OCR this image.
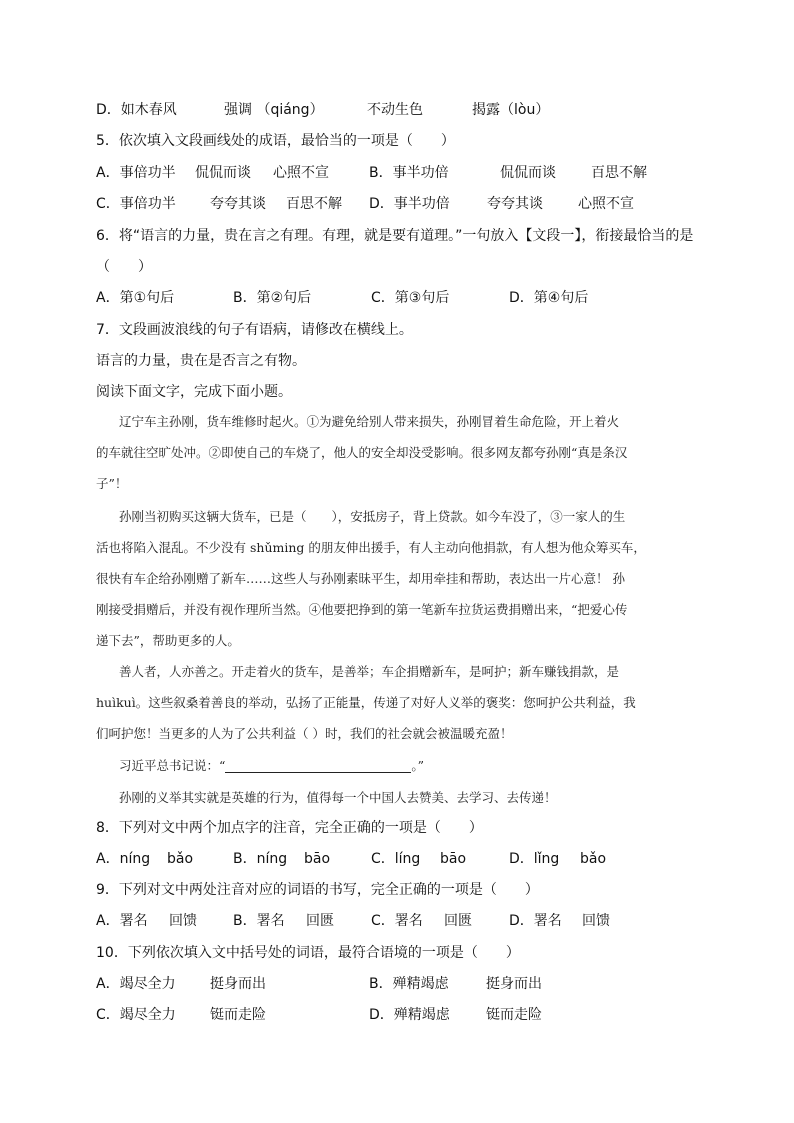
D．如木春风	强调 （qiáng）	不动生色	揭露（lòu）
5．依次填入文段画线处的成语，最恰当的一项是（　　）
A．事倍功半 侃侃而谈 心照不宣	B．事半功倍	侃侃而谈	百思不解
C．事倍功半 夸夸其谈 百思不解 D．事半功倍	夸夸其谈	心照不宣
6．将“语言的力量，贵在言之有理。有理，就是要有道理。”一句放入【文段一】，衔接最恰当的是
（　　）
A．第①句后	B．第②句后	C．第③句后	D．第④句后
7．文段画波浪线的句子有语病，请修改在横线上。
语言的力量，贵在是否言之有物。
阅读下面文字，完成下面小题。
辽宁车主孙刚，货车维修时起火。①为避免给别人带来损失，孙刚冒着生命危险，开上着火
的车就往空旷处冲。②即使自己的车烧了，他人的安全却没受影响。很多网友都夸孙刚“真是条汉
子”！
孙刚当初购买这辆大货车，已是（　　），安抵房子，背上贷款。如今车没了，③一家人的生
活也将陷入混乱。不少没有 shǔming 的朋友伸出援手，有人主动向他捐款，有人想为他众筹买车，
很快有车企给孙刚赠了新车……这些人与孙刚素昧平生，却用牵挂和帮助，表达出一片心意！ 孙
刚接受捐赠后，并没有视作理所当然。④他要把挣到的第一笔新车拉货运费捐赠出来，“把爱心传
递下去”，帮助更多的人。
善人者，人亦善之。开走着火的货车，是善举；车企捐赠新车，是呵护；新车赚钱捐款，是
huìkuì。这些叙桑着善良的举动，弘扬了正能量，传递了对好人义举的褒奖：您呵护公共利益，我
们呵护您！当更多的人为了公共利益（ ）时，我们的社会就会被温暖充盈！
习近平总书记说：“	。”
孙刚的义举其实就是英雄的行为，值得每一个中国人去赞美、去学习、去传递！
8．下列对文中两个加点字的注音，完全正确的一项是（　　）
A．níng bǎo	B．níng bāo	C．líng bāo	D．lǐng bǎo
9．下列对文中两处注音对应的词语的书写，完全正确的一项是（　　）
A．署名 回馈	B．署名 回匮	C．署名 回匮	D．署名 回馈
10．下列依次填入文中括号处的词语，最符合语境的一项是（　　）
A．竭尽全力 挺身而出	B．殚精竭虑	挺身而出
C．竭尽全力 铤而走险	D．殚精竭虑	铤而走险
